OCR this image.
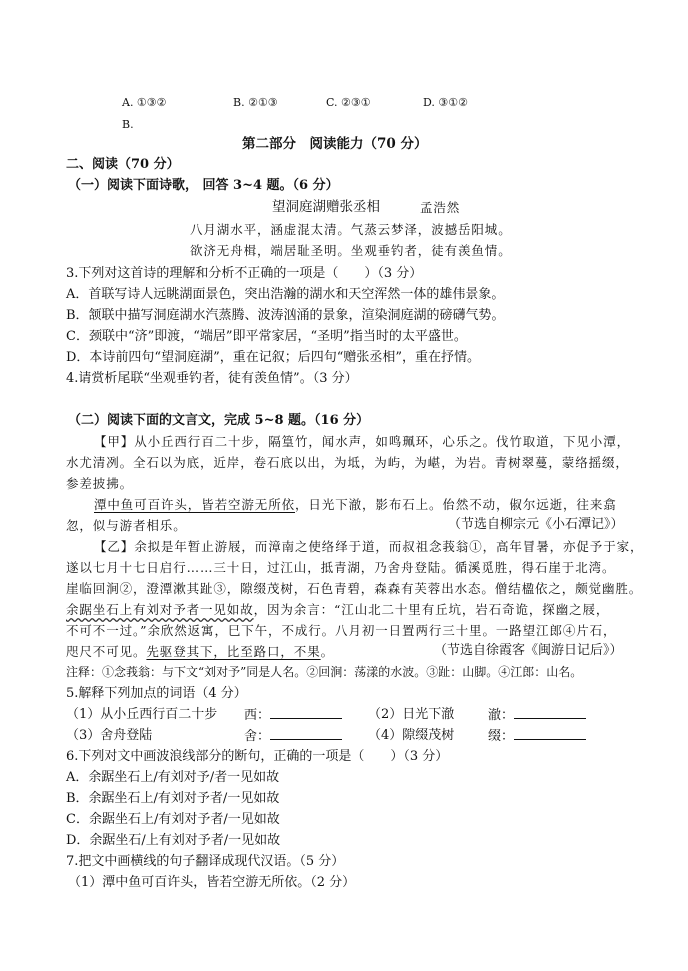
A. ①③②	B. ②①③	C. ②③①	D. ③①②
B.
第二部分　阅读能力（70 分）
二、阅读（70 分）
（一）阅读下面诗歌， 回答 3~4 题。（6 分）
望洞庭湖赠张丞相	孟浩然
八月湖水平，涵虚混太清。气蒸云梦泽，波撼岳阳城。
欲济无舟楫，端居耻圣明。坐观垂钓者，徒有羡鱼情。
3.下列对这首诗的理解和分析不正确的一项是（　　）（3 分）
A．首联写诗人远眺湖面景色，突出浩瀚的湖水和天空浑然一体的雄伟景象。
B．颔联中描写洞庭湖水汽蒸腾、波涛汹涌的景象，渲染洞庭湖的磅礴气势。
C．颈联中“济”即渡，“端居”即平常家居，“圣明”指当时的太平盛世。
D．本诗前四句“望洞庭湖”，重在记叙；后四句“赠张丞相”，重在抒情。
4.请赏析尾联“坐观垂钓者，徒有羡鱼情”。（3 分）
（二）阅读下面的文言文，完成 5~8 题。（16 分）
【甲】从小丘西行百二十步，隔篁竹，闻水声，如鸣珮环，心乐之。伐竹取道，下见小潭，
水尤清冽。全石以为底，近岸，卷石底以出，为坻，为屿，为嵁，为岩。青树翠蔓，蒙络摇缀，
参差披拂。
潭中鱼可百许头，皆若空游无所依，日光下澈，影布石上。佁然不动，俶尔远逝，往来翕
忽，似与游者相乐。	（节选自柳宗元《小石潭记》）
【乙】余拟是年暂止游屐，而漳南之使络绎于道，而叔祖念莪翁①，高年冒暑，亦促予于家，
遂以七月十七日启行……三十日，过江山，抵青湖，乃舍舟登陆。循溪觅胜，得石崖于北湾。
崖临回涧②，澄潭漱其趾③，隙缀茂树，石色青碧，森森有芙蓉出水态。僧结楹依之，颇觉幽胜。
余踞坐石上有刘对予者一见如故，因为余言：“江山北二十里有丘坑，岩石奇诡，探幽之屐，
不可不一过。”余欣然返寓，巳下午，不成行。八月初一日置两行三十里。一路望江郎④片石，
咫尺不可见。先驱登其下，比至路口，不果。	（节选自徐霞客《闽游日记后》）
注释：①念莪翁：与下文“刘对予”同是人名。②回涧：荡漾的水波。③趾：山脚。④江郎：山名。
5.解释下列加点的词语（4 分）
（1）从小丘西行百二十步 西：	（2）日光下澈	澈：
（3）舍舟登陆	舍：	（4）隙缀茂树	缀：
6.下列对文中画波浪线部分的断句，正确的一项是（　　）（3 分）
A．余踞坐石上/有刘对予/者一见如故
B．余踞坐石上/有刘对予者/一见如故
C．余踞坐石上/有刘对予者/一见如故
D．余踞坐石/上有刘对予者/一见如故
7.把文中画横线的句子翻译成现代汉语。（5 分）
（1）潭中鱼可百许头，皆若空游无所依。（2 分）
